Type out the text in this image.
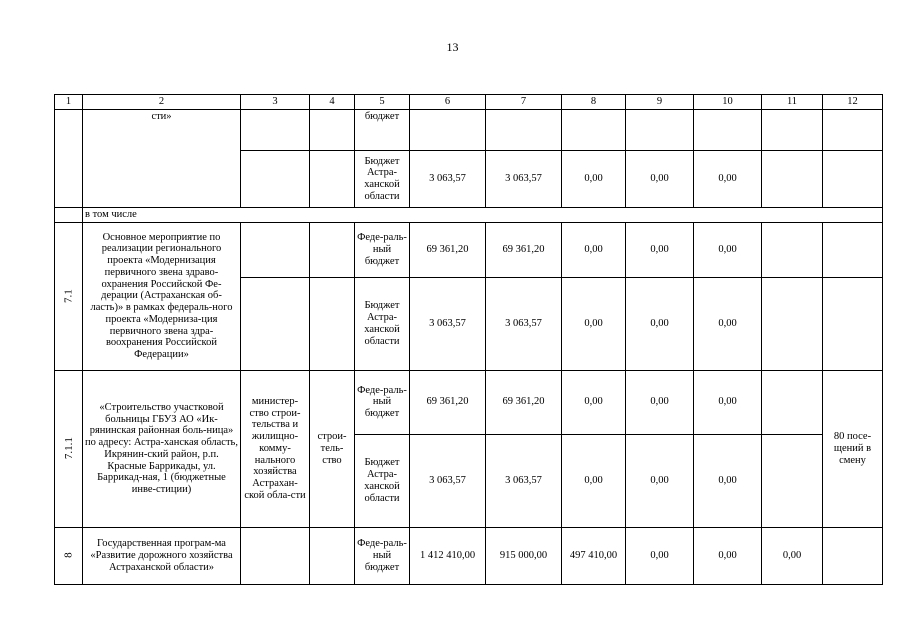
13
1	2	3	4	5	6	7	8	9	10	11	12
	сти»			бюджет							
				Бюджет Астра-ханской области	3 063,57	3 063,57	0,00	0,00	0,00		
	в том числе										
7.1	Основное мероприятие по реализации регионального проекта «Модернизация первичного звена здраво-охранения Российской Фе-дерации (Астраханская об-ласть)» в рамках федераль-ного проекта «Модерниза-ция первичного звена здра-воохранения Российской Федерации»			Феде-раль-ный бюджет	69 361,20	69 361,20	0,00	0,00	0,00		
				Бюджет Астра-ханской области	3 063,57	3 063,57	0,00	0,00	0,00		
7.1.1	«Строительство участковой больницы ГБУЗ АО «Ик-рянинская районная боль-ница» по адресу: Астра-ханская область, Икрянин-ский район, р.п. Красные Баррикады, ул. Баррикад-ная, 1 (бюджетные инве-стиции)	министер-ство строи-тельства и жилищно-комму-нального хозяйства Астрахан-ской обла-сти	строи-тель-ство	Феде-раль-ный бюджет	69 361,20	69 361,20	0,00	0,00	0,00		80 посе-щений в смену
				Бюджет Астра-ханской области	3 063,57	3 063,57	0,00	0,00	0,00		
8	Государственная програм-ма «Развитие дорожного хозяйства Астраханской области»			Феде-раль-ный бюджет	1 412 410,00	915 000,00	497 410,00	0,00	0,00	0,00	
